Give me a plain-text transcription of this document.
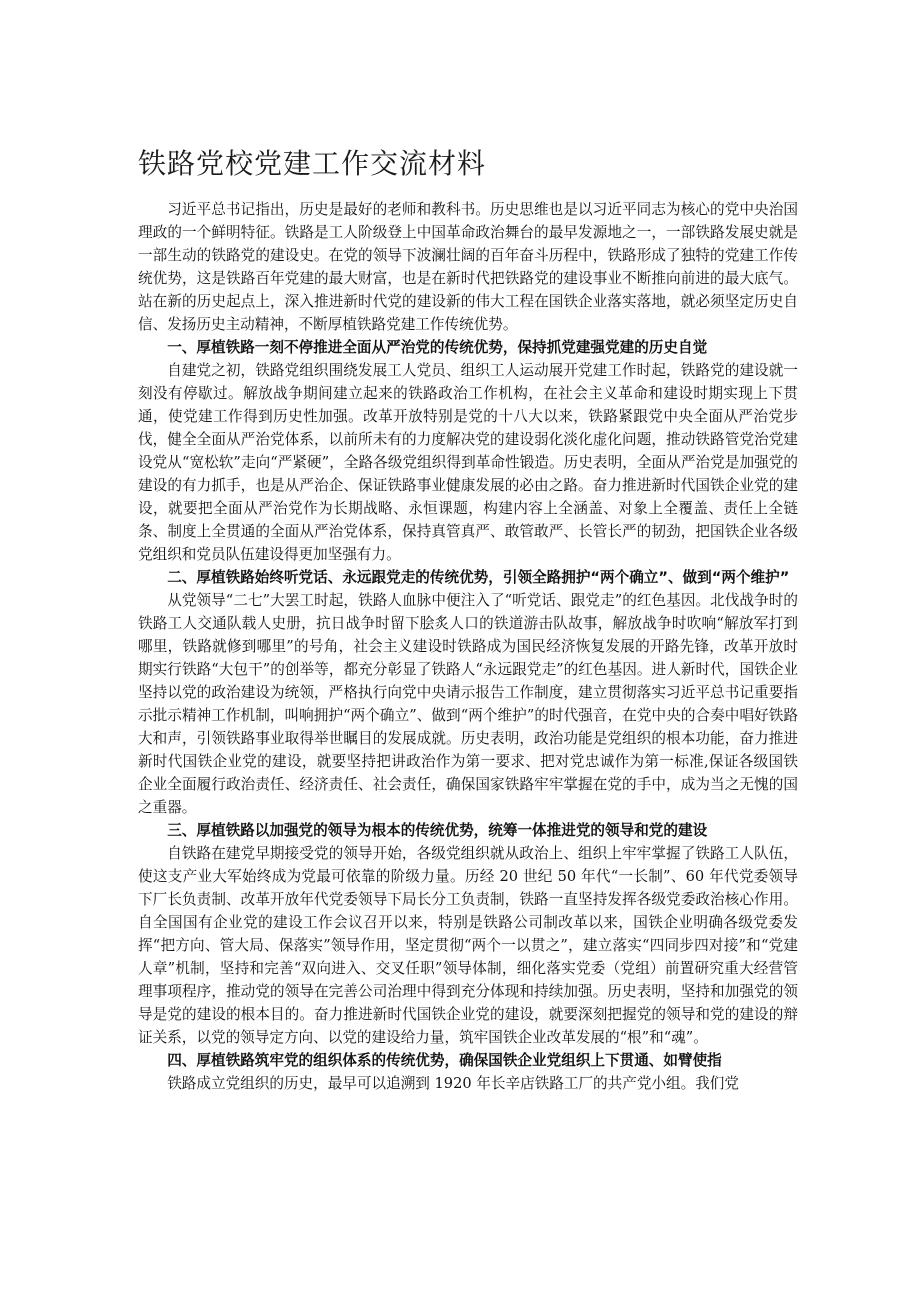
铁路党校党建工作交流材料

习近平总书记指出，历史是最好的老师和教科书。历史思维也是以习近平同志为核心的党中央治国理政的一个鲜明特征。铁路是工人阶级登上中国革命政治舞台的最早发源地之一，一部铁路发展史就是一部生动的铁路党的建设史。在党的领导下波澜壮阔的百年奋斗历程中，铁路形成了独特的党建工作传统优势，这是铁路百年党建的最大财富，也是在新时代把铁路党的建设事业不断推向前进的最大底气。站在新的历史起点上，深入推进新时代党的建设新的伟大工程在国铁企业落实落地，就必须坚定历史自信、发扬历史主动精神，不断厚植铁路党建工作传统优势。

一、厚植铁路一刻不停推进全面从严治党的传统优势，保持抓党建强党建的历史自觉

自建党之初，铁路党组织围绕发展工人党员、组织工人运动展开党建工作时起，铁路党的建设就一刻没有停歇过。解放战争期间建立起来的铁路政治工作机构，在社会主义革命和建设时期实现上下贯通，使党建工作得到历史性加强。改革开放特别是党的十八大以来，铁路紧跟党中央全面从严治党步伐，健全全面从严治党体系，以前所未有的力度解决党的建设弱化淡化虚化问题，推动铁路管党治党建设党从“宽松软”走向“严紧硬”，全路各级党组织得到革命性锻造。历史表明，全面从严治党是加强党的建设的有力抓手，也是从严治企、保证铁路事业健康发展的必由之路。奋力推进新时代国铁企业党的建设，就要把全面从严治党作为长期战略、永恒课题，构建内容上全涵盖、对象上全覆盖、责任上全链条、制度上全贯通的全面从严治党体系，保持真管真严、敢管敢严、长管长严的韧劲，把国铁企业各级党组织和党员队伍建设得更加坚强有力。

二、厚植铁路始终听党话、永远跟党走的传统优势，引领全路拥护“两个确立”、做到“两个维护”

从党领导“二七”大罢工时起，铁路人血脉中便注入了“听党话、跟党走”的红色基因。北伐战争时的铁路工人交通队载人史册，抗日战争时留下脍炙人口的铁道游击队故事，解放战争时吹响“解放军打到哪里，铁路就修到哪里”的号角，社会主义建设时铁路成为国民经济恢复发展的开路先锋，改革开放时期实行铁路“大包干”的创举等，都充分彰显了铁路人“永远跟党走”的红色基因。进人新时代，国铁企业坚持以党的政治建设为统领，严格执行向党中央请示报告工作制度，建立贯彻落实习近平总书记重要指示批示精神工作机制，叫响拥护“两个确立”、做到“两个维护”的时代强音，在党中央的合奏中唱好铁路大和声，引领铁路事业取得举世瞩目的发展成就。历史表明，政治功能是党组织的根本功能，奋力推进新时代国铁企业党的建设，就要坚持把讲政治作为第一要求、把对党忠诚作为第一标准,保证各级国铁企业全面履行政治责任、经济责任、社会责任，确保国家铁路牢牢掌握在党的手中，成为当之无愧的国之重器。

三、厚植铁路以加强党的领导为根本的传统优势，统筹一体推进党的领导和党的建设

自铁路在建党早期接受党的领导开始，各级党组织就从政治上、组织上牢牢掌握了铁路工人队伍，使这支产业大军始终成为党最可依靠的阶级力量。历经 20 世纪 50 年代“一长制”、60 年代党委领导下厂长负责制、改革开放年代党委领导下局长分工负责制，铁路一直坚持发挥各级党委政治核心作用。自全国国有企业党的建设工作会议召开以来，特别是铁路公司制改革以来，国铁企业明确各级党委发挥“把方向、管大局、保落实”领导作用，坚定贯彻“两个一以贯之”，建立落实“四同步四对接”和“党建人章”机制，坚持和完善“双向进入、交叉任职”领导体制，细化落实党委（党组）前置研究重大经营管理事项程序，推动党的领导在完善公司治理中得到充分体现和持续加强。历史表明，坚持和加强党的领导是党的建设的根本目的。奋力推进新时代国铁企业党的建设，就要深刻把握党的领导和党的建设的辩证关系，以党的领导定方向、以党的建设给力量，筑牢国铁企业改革发展的“根”和“魂”。

四、厚植铁路筑牢党的组织体系的传统优势，确保国铁企业党组织上下贯通、如臂使指

铁路成立党组织的历史，最早可以追溯到 1920 年长辛店铁路工厂的共产党小组。我们党
